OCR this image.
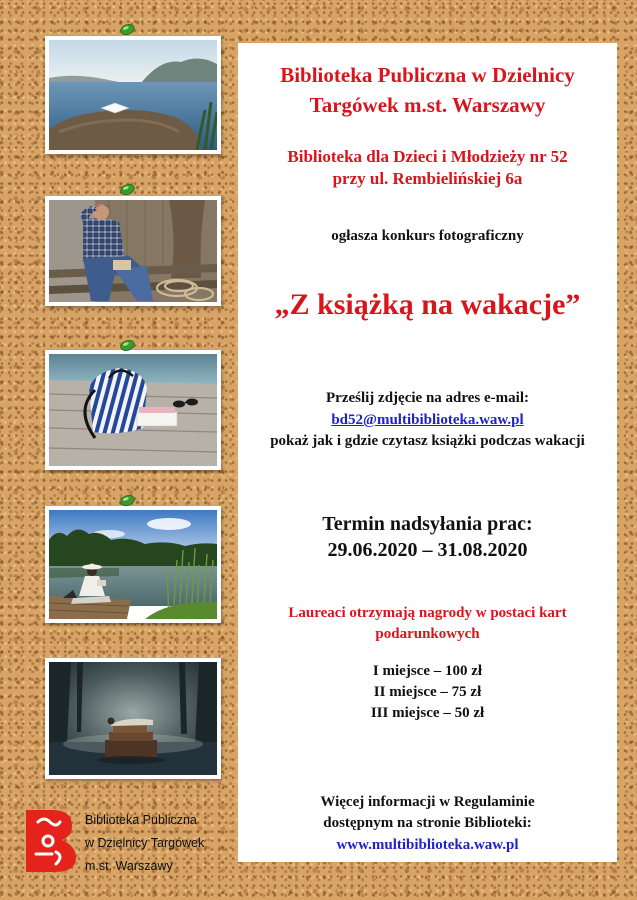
Biblioteka Publiczna w Dzielnicy
Targówek m.st. Warszawy
Biblioteka dla Dzieci i Młodzieży nr 52
przy ul. Rembielińskiej 6a
ogłasza konkurs fotograficzny
„Z książką na wakacje”
Prześlij zdjęcie na adres e-mail:
bd52@multibiblioteka.waw.pl
pokaż jak i gdzie czytasz książki podczas wakacji
Termin nadsyłania prac:
29.06.2020 – 31.08.2020
Laureaci otrzymają nagrody w postaci kart
podarunkowych
I miejsce – 100 zł
II miejsce – 75 zł
III miejsce – 50 zł
Więcej informacji w Regulaminie
dostępnym na stronie Biblioteki:
www.multibiblioteka.waw.pl
Biblioteka Publiczna
w Dzielnicy Targówek
m.st. Warszawy
